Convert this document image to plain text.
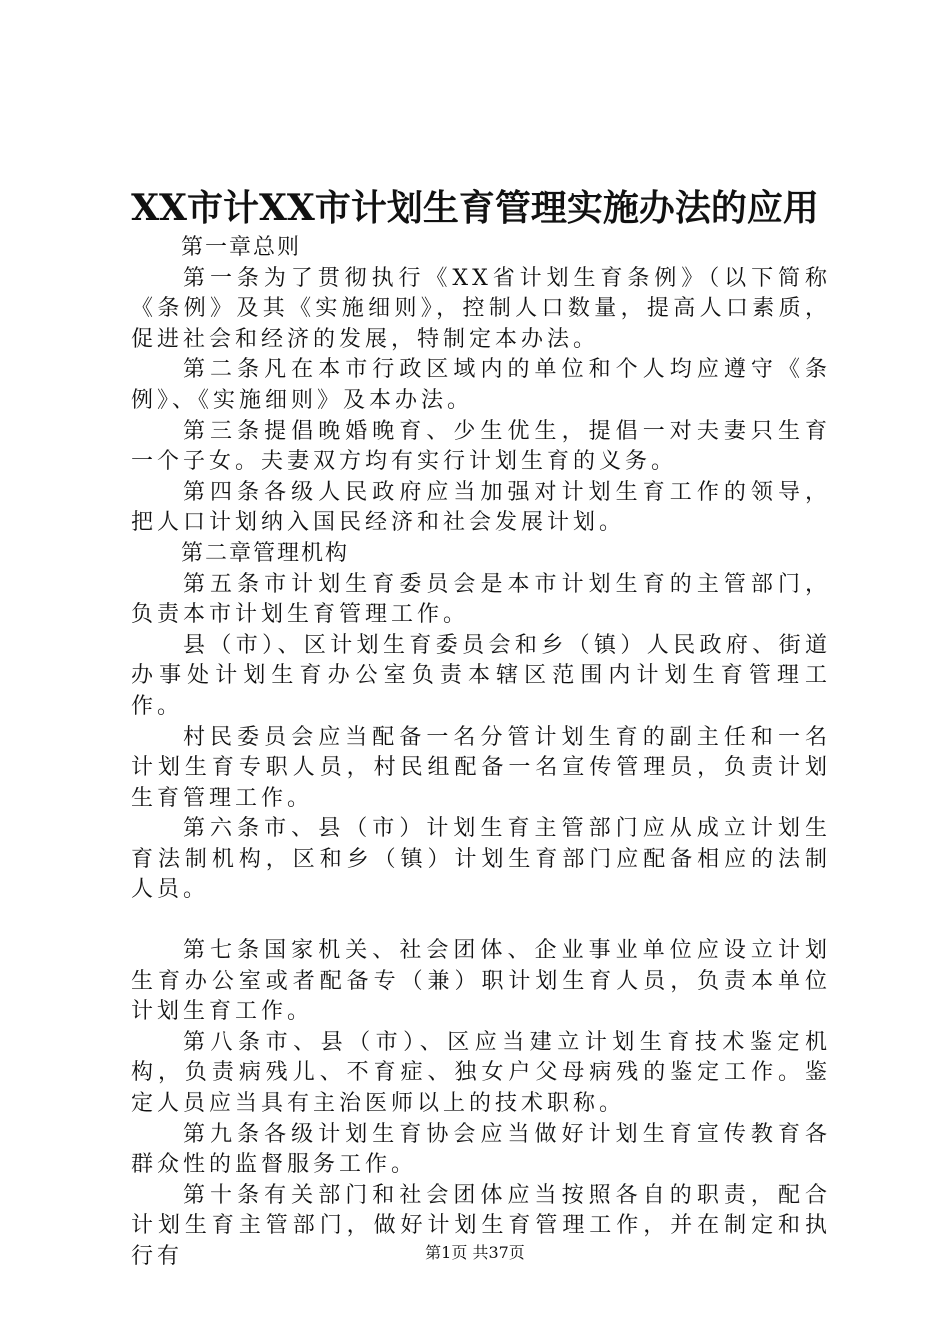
XX市计XX市计划生育管理实施办法的应用

第一章总则

第一条为了贯彻执行《XX省计划生育条例》（以下简称《条例》及其《实施细则》，控制人口数量，提高人口素质，促进社会和经济的发展，特制定本办法。

第二条凡在本市行政区域内的单位和个人均应遵守《条例》、《实施细则》及本办法。

第三条提倡晚婚晚育、少生优生，提倡一对夫妻只生育一个子女。夫妻双方均有实行计划生育的义务。

第四条各级人民政府应当加强对计划生育工作的领导，把人口计划纳入国民经济和社会发展计划。

第二章管理机构

第五条市计划生育委员会是本市计划生育的主管部门，负责本市计划生育管理工作。

县（市）、区计划生育委员会和乡（镇）人民政府、街道办事处计划生育办公室负责本辖区范围内计划生育管理工作。

村民委员会应当配备一名分管计划生育的副主任和一名计划生育专职人员，村民组配备一名宣传管理员，负责计划生育管理工作。

第六条市、县（市）计划生育主管部门应从成立计划生育法制机构，区和乡（镇）计划生育部门应配备相应的法制人员。

第七条国家机关、社会团体、企业事业单位应设立计划生育办公室或者配备专（兼）职计划生育人员，负责本单位计划生育工作。

第八条市、县（市）、区应当建立计划生育技术鉴定机构，负责病残儿、不育症、独女户父母病残的鉴定工作。鉴定人员应当具有主治医师以上的技术职称。

第九条各级计划生育协会应当做好计划生育宣传教育各群众性的监督服务工作。

第十条有关部门和社会团体应当按照各自的职责，配合计划生育主管部门，做好计划生育管理工作，并在制定和执行有	第1页 共37页
